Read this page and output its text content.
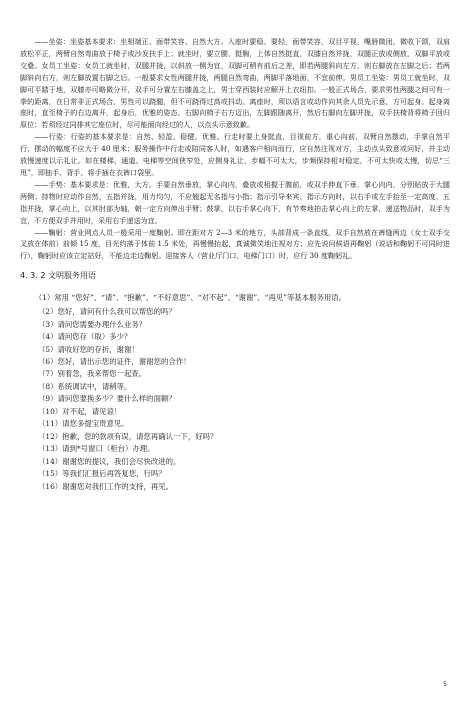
——坐姿：坐姿基本要求：坐相端正、面带笑容、自然大方。入座时要稳、要轻，面带笑容，双目平视，嘴唇微闭，微收下颌，双肩放松平正，两臂自然弯曲放于椅子或沙发扶手上；就坐时，要立腰、挺胸，上体自然挺直，双膝自然并拢，双腿正放或侧放，双脚平放或交叠。女员工坐姿：女员工就坐时，双腿并拢，以斜放一侧为宜，双脚可稍有前后之差，即若两腿斜向左方，则右脚放在左脚之后；若两脚斜向右方，则左脚放置右脚之后。一般要求女性两腿并拢，两腿自然弯曲，两脚平落地面，不宜前伸。男员工坐姿：男员工就坐时，双脚可平踏于地，双膝亦可略微分开，双手可分置左右膝盖之上，男士穿西装时应解开上衣纽扣。一般正式场合，要求男性两腿之间可有一拳的距离，在日常非正式场合，男性可以跷腿，但不可跷得过高或抖动。离座时，须以语言或动作向其余人员先示意，方可起身。起身离座时，直至椅子的右边离开，起身后，优雅的姿态，右脚向椅子右方迈出，左脚跟随离开，然后右脚向左脚并拢，双手扶椅背将椅子回归原位；若须经过同排其它座位时，尽可能面向经过的人，以点头示意致歉。

——行姿：行姿的基本要求是：自然、轻盈、稳健、优雅。行走时要上身挺直，目视前方，重心向前，双臂自然摆动，手掌自然平行，摆动的幅度不应大于 40 厘米；服务操作中行走或陪同客人时，如遇客户相向而行，应自然注视对方，主动点头致意或问好，并主动放慢速度以示礼让。如在楼梯、通道、电梯等空间狭窄处，应侧身礼让，步幅不可太大，步频保持相对稳定，不可太快或太慢，切忌“三甩”，即抽手、背手、将手插在衣裤口袋里。

——手势：基本要求是：优雅，大方。手要自然垂放，掌心向内，叠放或相握于腹前，或双手伸直下垂，掌心向内，分别贴放于大腿两侧；持物时应动作自然，五指并拢，用力均匀，不应翘起无名指与小指；指示引导来宾、指示方向时，以右手或左手抬至一定高度，五指并拢，掌心向上，以其肘部为轴，朝一定方向伸出手臂；鼓掌，以右手掌心向下，有节奏地拍击掌心向上的左掌，递送物品时，双手为宜，不方便双手并用时，采用右手递送为宜。

——鞠躬：营业网点人员一般采用一度鞠躬。即在距对方 2—3 米的地方，头部背成一条直线，双手自然放在裤缝两边（女士双手交叉放在体前）前倾 15 度，目光约落于体前 1.5 米处，再慢慢抬起，真诚微笑地注视对方；应先说问候语再鞠躬（说话和鞠躬不可同时进行），鞠躬时应该立定站好，不能边走边鞠躬。迎接客人（营业厅门口、电梯门口）时，应行 30 度鞠躬礼。

4. 3. 2 文明服务用语

（1）常用 “您好”、“请”、“抱歉”、“不好意思”、“对不起”、“谢谢”、“再见”等基本服务用语。

（2）您好，请问有什么我可以帮您的吗？
（3）请问您需要办理什么业务？
（4）请问您存（取）多少？
（5）请收好您的存折，谢谢！
（6）您好，请出示您的证件，谢谢您的合作！
（7）别着急，我来帮您一起查。
（8）系统调试中，请稍等。
（9）请问您要换多少？要什么样的面额？
（10）对不起，请见谅！
（11）请您多提宝贵意见。
（12）抱歉，您的款项有误，请您再确认一下，好吗？
（13）请到*号窗口（柜台）办理。
（14）谢谢您的提议，我们会尽快改进的。
（15）等我们汇报后再答复您，行吗？
（16）谢谢您对我们工作的支持，再见。
5
